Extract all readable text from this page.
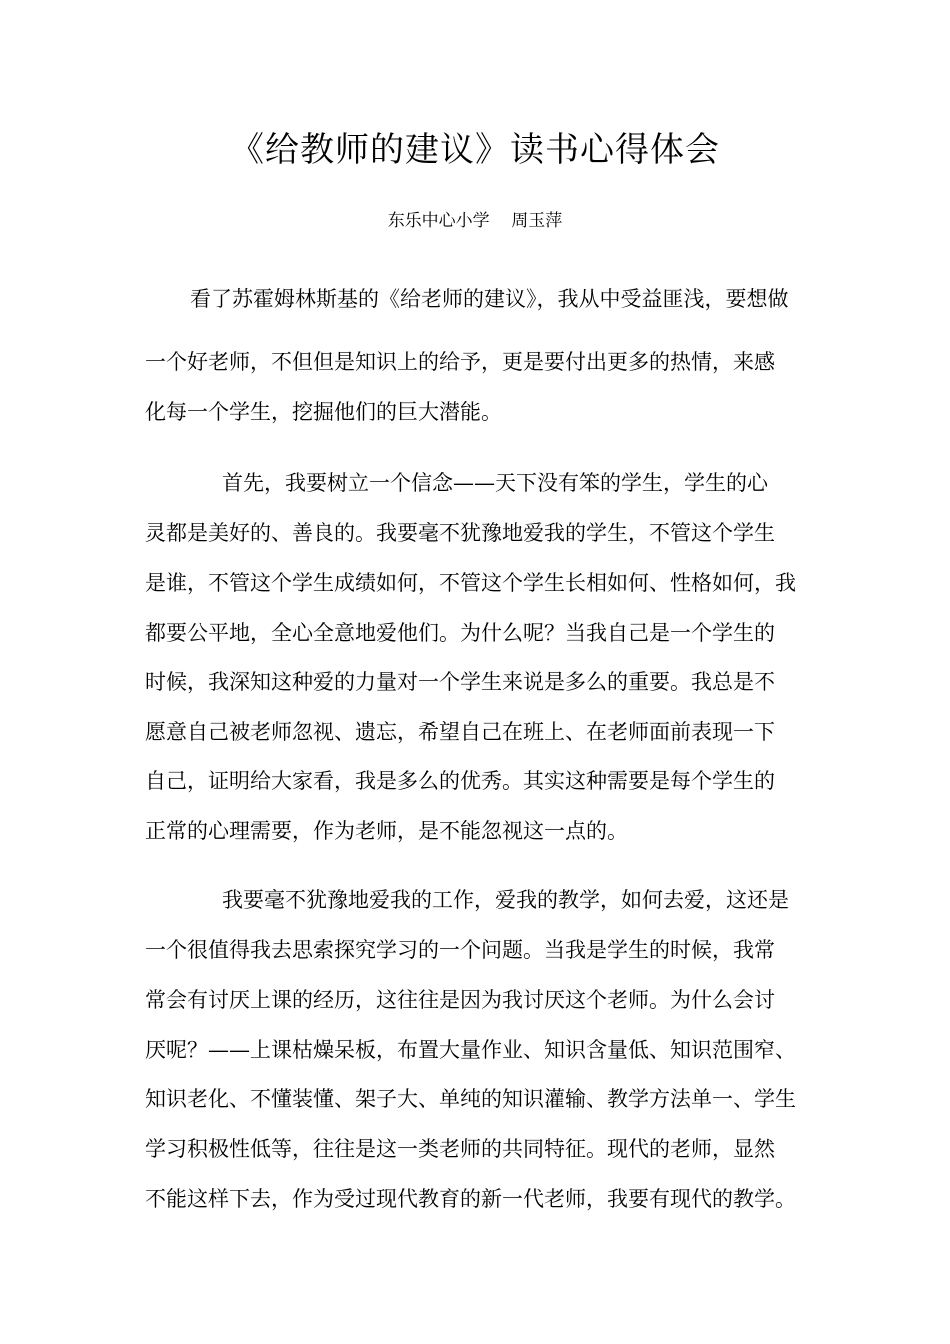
《给教师的建议》读书心得体会
东乐中心小学    周玉萍
看了苏霍姆林斯基的《给老师的建议》，我从中受益匪浅，要想做
一个好老师，不但但是知识上的给予，更是要付出更多的热情，来感
化每一个学生，挖掘他们的巨大潜能。
首先，我要树立一个信念——天下没有笨的学生，学生的心
灵都是美好的、善良的。我要毫不犹豫地爱我的学生，不管这个学生
是谁，不管这个学生成绩如何，不管这个学生长相如何、性格如何，我
都要公平地，全心全意地爱他们。为什么呢？当我自己是一个学生的
时候，我深知这种爱的力量对一个学生来说是多么的重要。我总是不
愿意自己被老师忽视、遗忘，希望自己在班上、在老师面前表现一下
自己，证明给大家看，我是多么的优秀。其实这种需要是每个学生的
正常的心理需要，作为老师，是不能忽视这一点的。
我要毫不犹豫地爱我的工作，爱我的教学，如何去爱，这还是
一个很值得我去思索探究学习的一个问题。当我是学生的时候，我常
常会有讨厌上课的经历，这往往是因为我讨厌这个老师。为什么会讨
厌呢？——上课枯燥呆板，布置大量作业、知识含量低、知识范围窄、
知识老化、不懂装懂、架子大、单纯的知识灌输、教学方法单一、学生
学习积极性低等，往往是这一类老师的共同特征。现代的老师，显然
不能这样下去，作为受过现代教育的新一代老师，我要有现代的教学。
